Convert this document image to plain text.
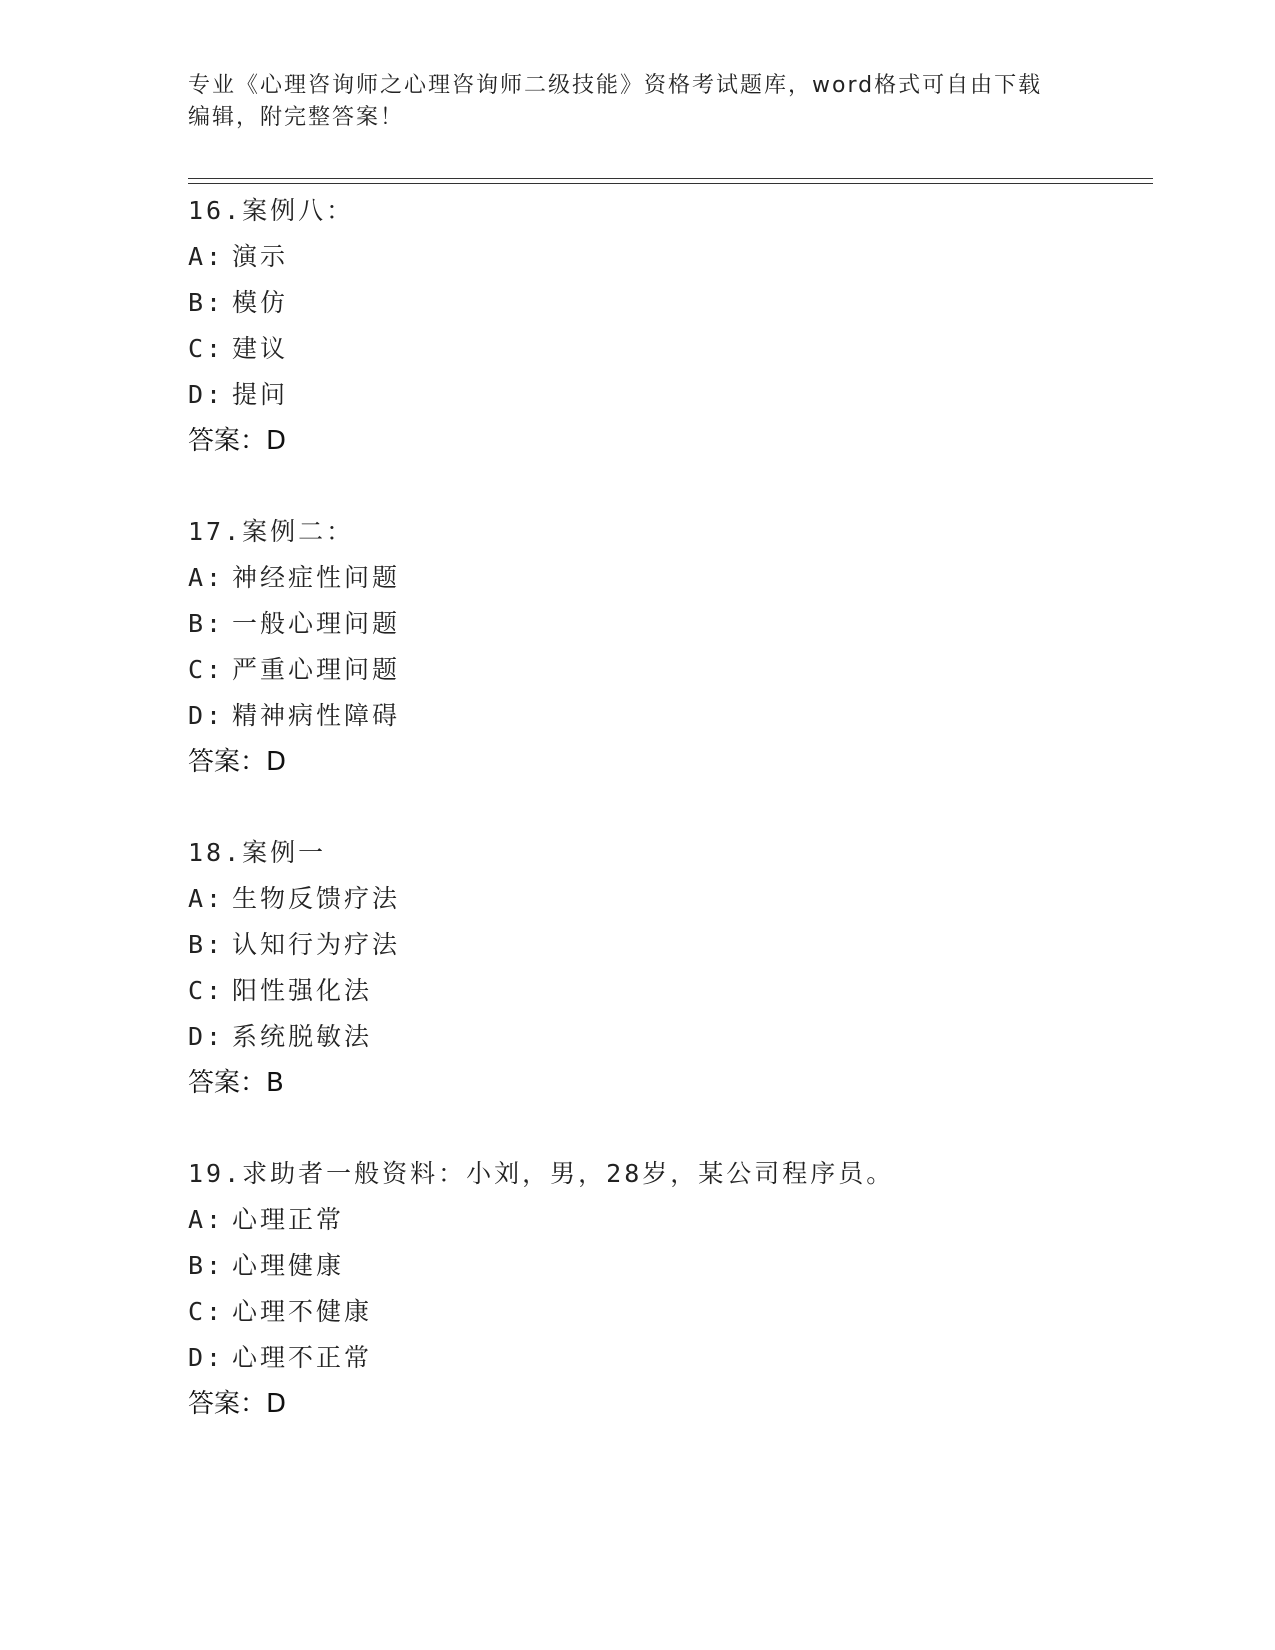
专业《心理咨询师之心理咨询师二级技能》资格考试题库，word格式可自由下载
编辑，附完整答案！
16.案例八：
A: 演示
B: 模仿
C: 建议
D: 提问
答案：D
17.案例二：
A: 神经症性问题
B: 一般心理问题
C: 严重心理问题
D: 精神病性障碍
答案：D
18.案例一
A: 生物反馈疗法
B: 认知行为疗法
C: 阳性强化法
D: 系统脱敏法
答案：B
19.求助者一般资料：小刘，男，28岁，某公司程序员。
A: 心理正常
B: 心理健康
C: 心理不健康
D: 心理不正常
答案：D
